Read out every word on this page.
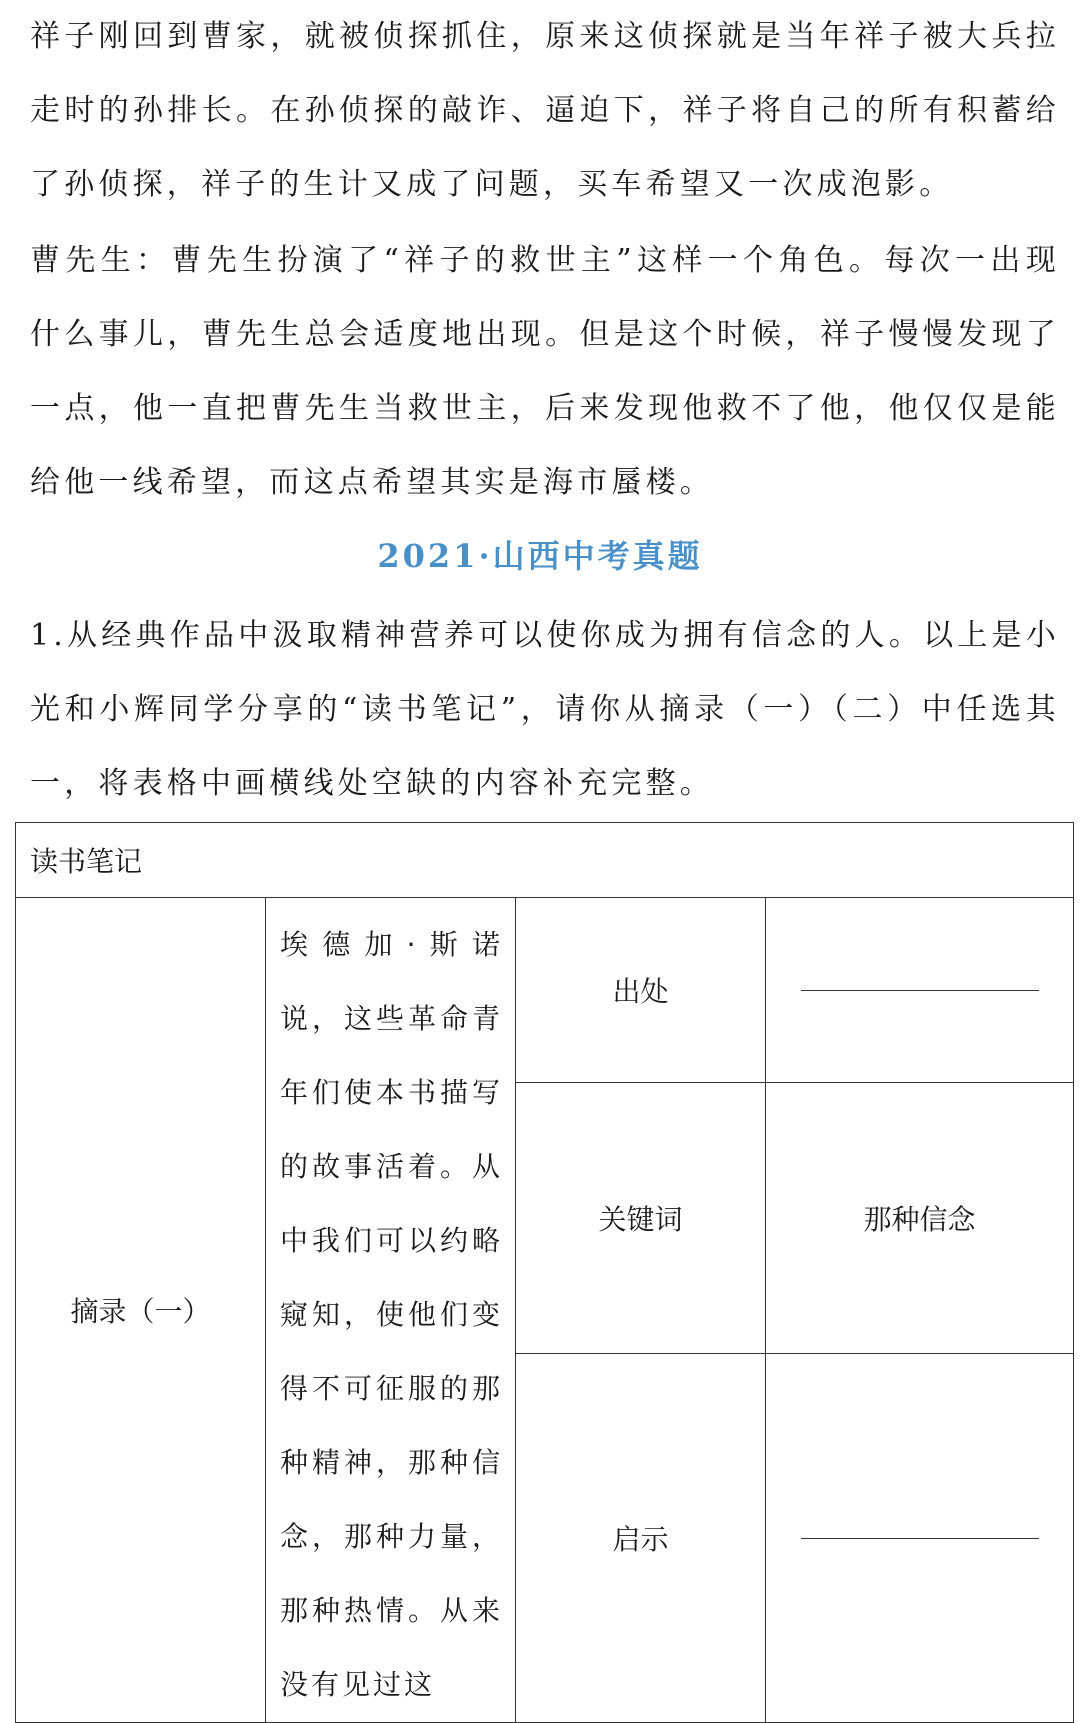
祥子刚回到曹家，就被侦探抓住，原来这侦探就是当年祥子被大兵拉走时的孙排长。在孙侦探的敲诈、逼迫下，祥子将自己的所有积蓄给了孙侦探，祥子的生计又成了问题，买车希望又一次成泡影。

曹先生：曹先生扮演了“祥子的救世主”这样一个角色。每次一出现什么事儿，曹先生总会适度地出现。但是这个时候，祥子慢慢发现了一点，他一直把曹先生当救世主，后来发现他救不了他，他仅仅是能给他一线希望，而这点希望其实是海市蜃楼。

2021·山西中考真题

1.从经典作品中汲取精神营养可以使你成为拥有信念的人。以上是小光和小辉同学分享的“读书笔记”，请你从摘录（一）（二）中任选其一，将表格中画横线处空缺的内容补充完整。

读书笔记			
摘录（一）	埃德加·斯诺说，这些革命青年们使本书描写的故事活着。从中我们可以约略窥知，使他们变得不可征服的那种精神，那种信念，那种力量，那种热情。从来没有见过这	出处	

		关键词	那种信念
		启示	
